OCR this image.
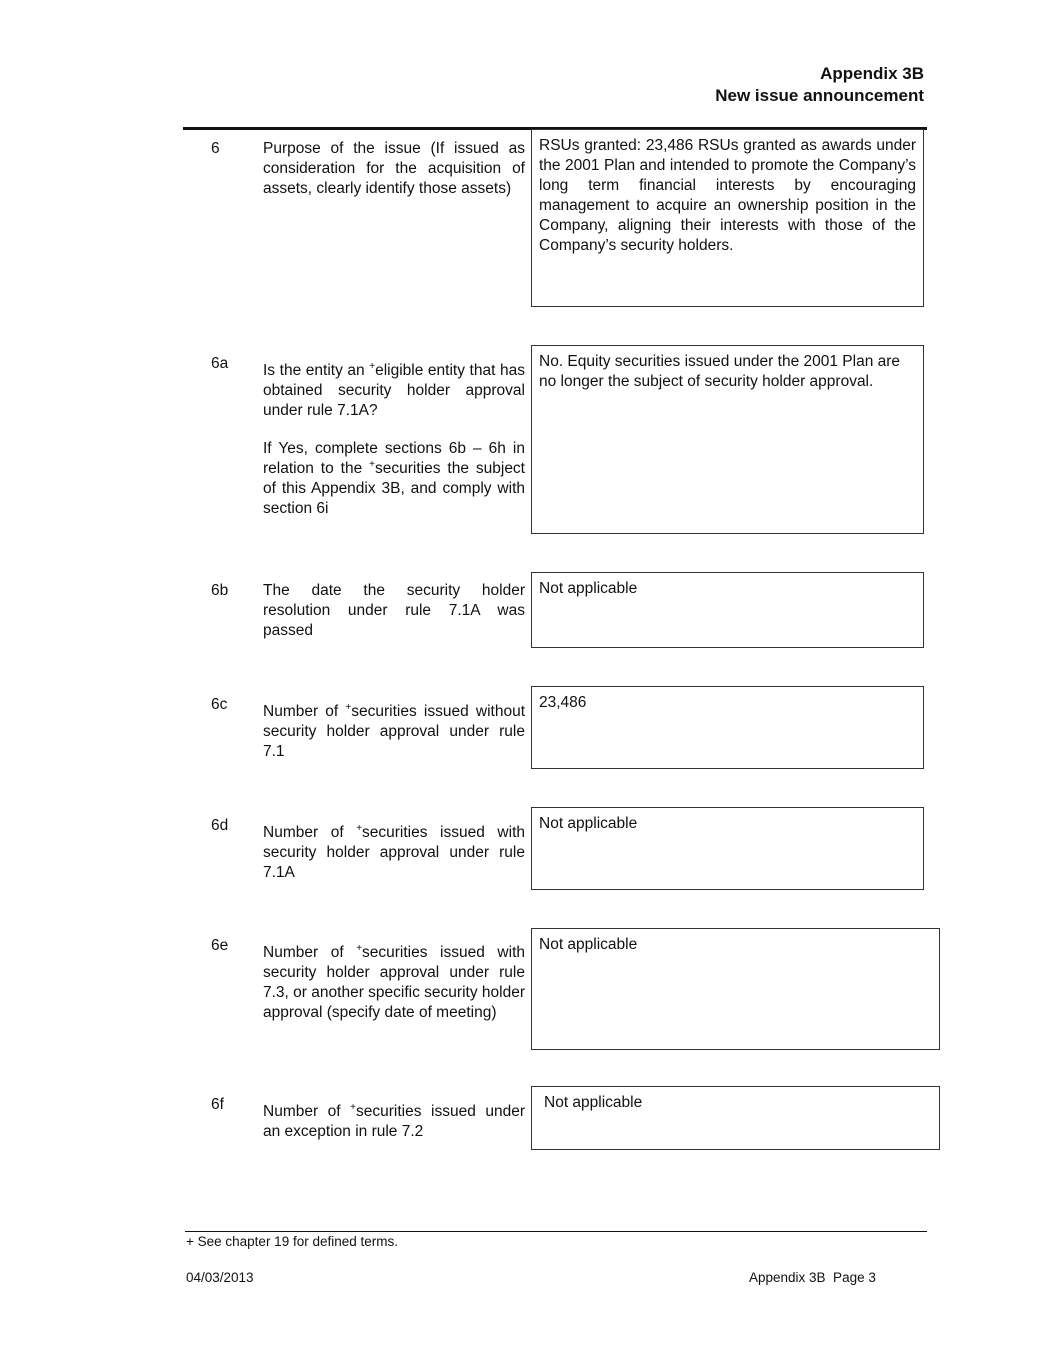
Appendix 3B
New issue announcement
6	Purpose of the issue (If issued as consideration for the acquisition of assets, clearly identify those assets)
RSUs granted: 23,486 RSUs granted as awards under the 2001 Plan and intended to promote the Company’s long term financial interests by encouraging management to acquire an ownership position in the Company, aligning their interests with those of the Company’s security holders.
6a Is the entity an +eligible entity that has obtained security holder approval under rule 7.1A?

If Yes, complete sections 6b – 6h in relation to the +securities the subject of this Appendix 3B, and comply with section 6i

No. Equity securities issued under the 2001 Plan are no longer the subject of security holder approval.
6b The date the security holder resolution under rule 7.1A was passed
Not applicable
6c Number of +securities issued without security holder approval under rule 7.1
23,486
6d Number of +securities issued with security holder approval under rule 7.1A
Not applicable
6e Number of +securities issued with security holder approval under rule 7.3, or another specific security holder approval (specify date of meeting)
Not applicable
6f	Number of +securities issued under an exception in rule 7.2
Not applicable
+ See chapter 19 for defined terms.
04/03/2013	Appendix 3B  Page 3
